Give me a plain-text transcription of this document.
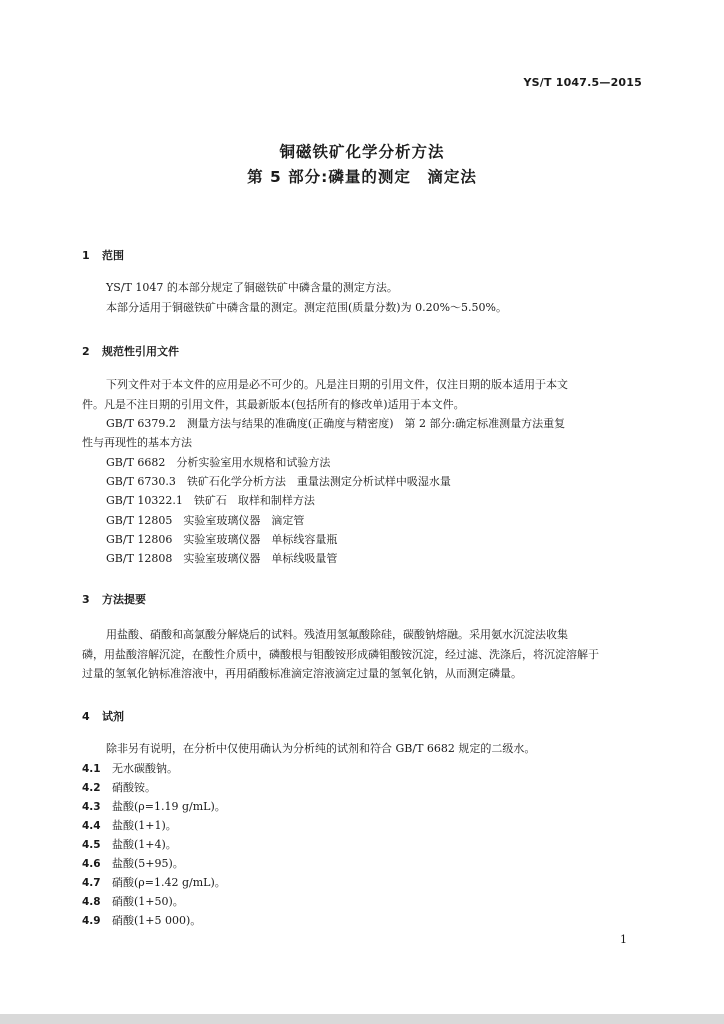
YS/T 1047.5—2015
铜磁铁矿化学分析方法
第 5 部分:磷量的测定　滴定法
1 范围
YS/T 1047 的本部分规定了铜磁铁矿中磷含量的测定方法。
本部分适用于铜磁铁矿中磷含量的测定。测定范围(质量分数)为 0.20%～5.50%。
2 规范性引用文件
下列文件对于本文件的应用是必不可少的。凡是注日期的引用文件，仅注日期的版本适用于本文
件。凡是不注日期的引用文件，其最新版本(包括所有的修改单)适用于本文件。
GB/T 6379.2　测量方法与结果的准确度(正确度与精密度)　第 2 部分:确定标准测量方法重复
性与再现性的基本方法
GB/T 6682　分析实验室用水规格和试验方法
GB/T 6730.3　铁矿石化学分析方法　重量法测定分析试样中吸湿水量
GB/T 10322.1　铁矿石　取样和制样方法
GB/T 12805　实验室玻璃仪器　滴定管
GB/T 12806　实验室玻璃仪器　单标线容量瓶
GB/T 12808　实验室玻璃仪器　单标线吸量管
3 方法提要
用盐酸、硝酸和高氯酸分解烧后的试料。残渣用氢氟酸除硅，碳酸钠熔融。采用氨水沉淀法收集
磷，用盐酸溶解沉淀，在酸性介质中，磷酸根与钼酸铵形成磷钼酸铵沉淀，经过滤、洗涤后，将沉淀溶解于
过量的氢氧化钠标准溶液中，再用硝酸标准滴定溶液滴定过量的氢氧化钠，从而测定磷量。
4 试剂
除非另有说明，在分析中仅使用确认为分析纯的试剂和符合 GB/T 6682 规定的二级水。
4.1 无水碳酸钠。
4.2 硝酸铵。
4.3 盐酸(ρ=1.19 g/mL)。
4.4 盐酸(1+1)。
4.5 盐酸(1+4)。
4.6 盐酸(5+95)。
4.7 硝酸(ρ=1.42 g/mL)。
4.8 硝酸(1+50)。
4.9 硝酸(1+5 000)。
1
